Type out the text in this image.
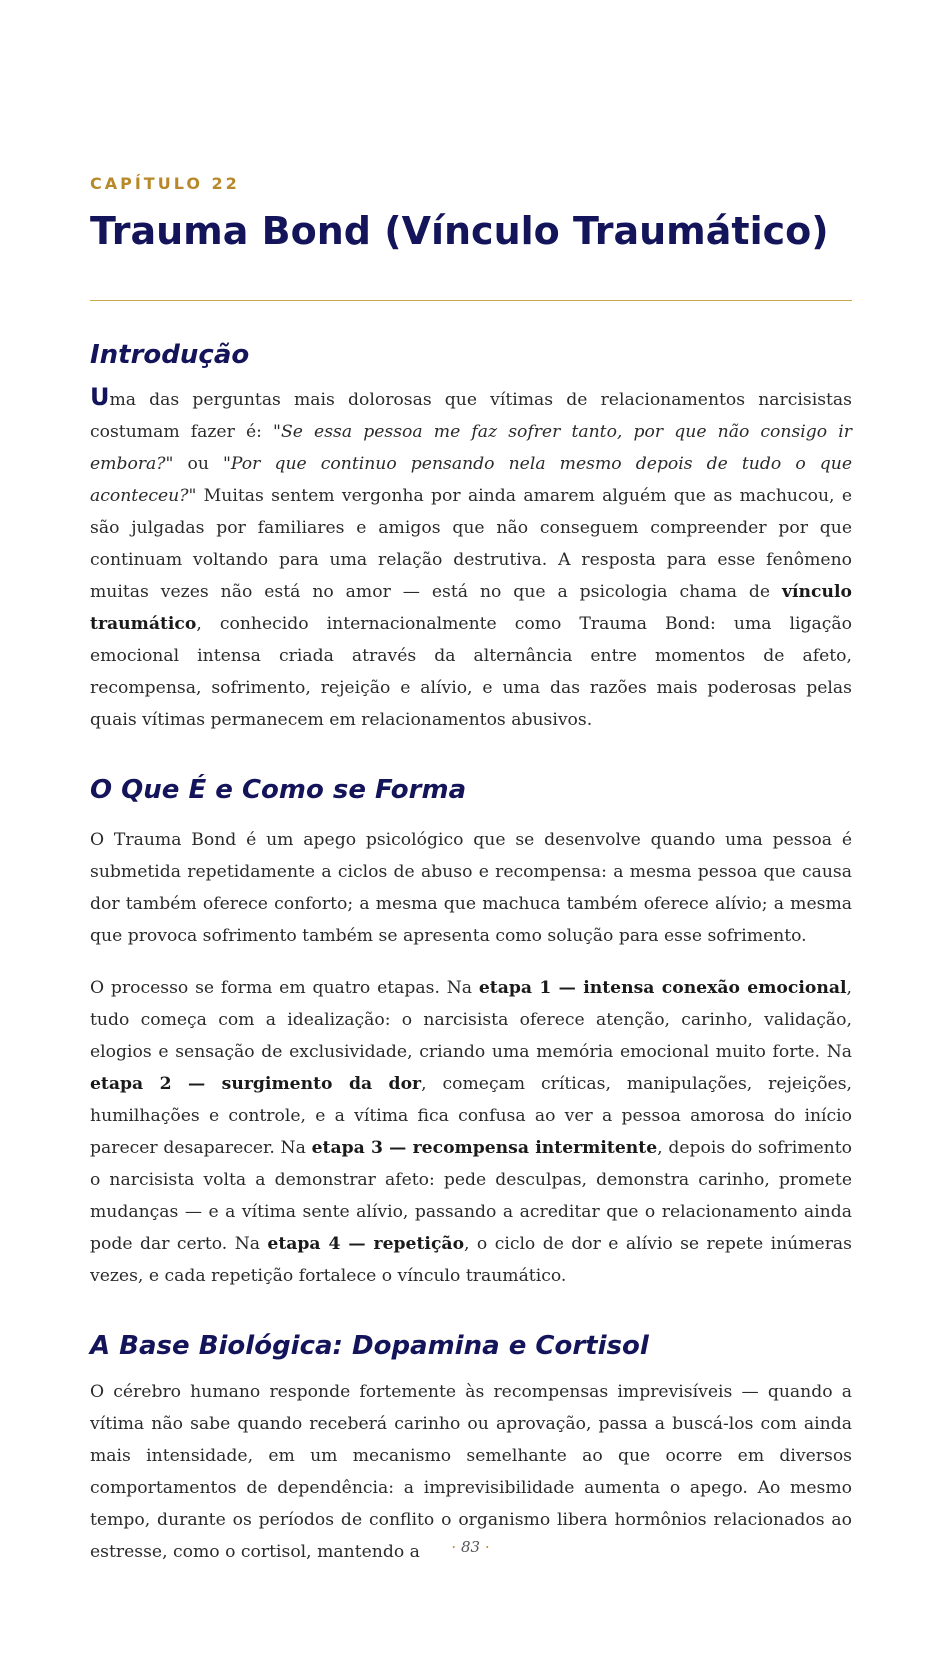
CAPÍTULO 22
Trauma Bond (Vínculo Traumático)
Introdução

Uma das perguntas mais dolorosas que vítimas de relacionamentos narcisistas costumam fazer é: "Se essa pessoa me faz sofrer tanto, por que não consigo ir embora?" ou "Por que continuo pensando nela mesmo depois de tudo o que aconteceu?" Muitas sentem vergonha por ainda amarem alguém que as machucou, e são julgadas por familiares e amigos que não conseguem compreender por que continuam voltando para uma relação destrutiva. A resposta para esse fenômeno muitas vezes não está no amor — está no que a psicologia chama de vínculo traumático, conhecido internacionalmente como Trauma Bond: uma ligação emocional intensa criada através da alternância entre momentos de afeto, recompensa, sofrimento, rejeição e alívio, e uma das razões mais poderosas pelas quais vítimas permanecem em relacionamentos abusivos.

O Que É e Como se Forma

O Trauma Bond é um apego psicológico que se desenvolve quando uma pessoa é submetida repetidamente a ciclos de abuso e recompensa: a mesma pessoa que causa dor também oferece conforto; a mesma que machuca também oferece alívio; a mesma que provoca sofrimento também se apresenta como solução para esse sofrimento.

O processo se forma em quatro etapas. Na etapa 1 — intensa conexão emocional, tudo começa com a idealização: o narcisista oferece atenção, carinho, validação, elogios e sensação de exclusividade, criando uma memória emocional muito forte. Na etapa 2 — surgimento da dor, começam críticas, manipulações, rejeições, humilhações e controle, e a vítima fica confusa ao ver a pessoa amorosa do início parecer desaparecer. Na etapa 3 — recompensa intermitente, depois do sofrimento o narcisista volta a demonstrar afeto: pede desculpas, demonstra carinho, promete mudanças — e a vítima sente alívio, passando a acreditar que o relacionamento ainda pode dar certo. Na etapa 4 — repetição, o ciclo de dor e alívio se repete inúmeras vezes, e cada repetição fortalece o vínculo traumático.

A Base Biológica: Dopamina e Cortisol

O cérebro humano responde fortemente às recompensas imprevisíveis — quando a vítima não sabe quando receberá carinho ou aprovação, passa a buscá-los com ainda mais intensidade, em um mecanismo semelhante ao que ocorre em diversos comportamentos de dependência: a imprevisibilidade aumenta o apego. Ao mesmo tempo, durante os períodos de conflito o organismo libera hormônios relacionados ao estresse, como o cortisol, mantendo a	· 83 ·
